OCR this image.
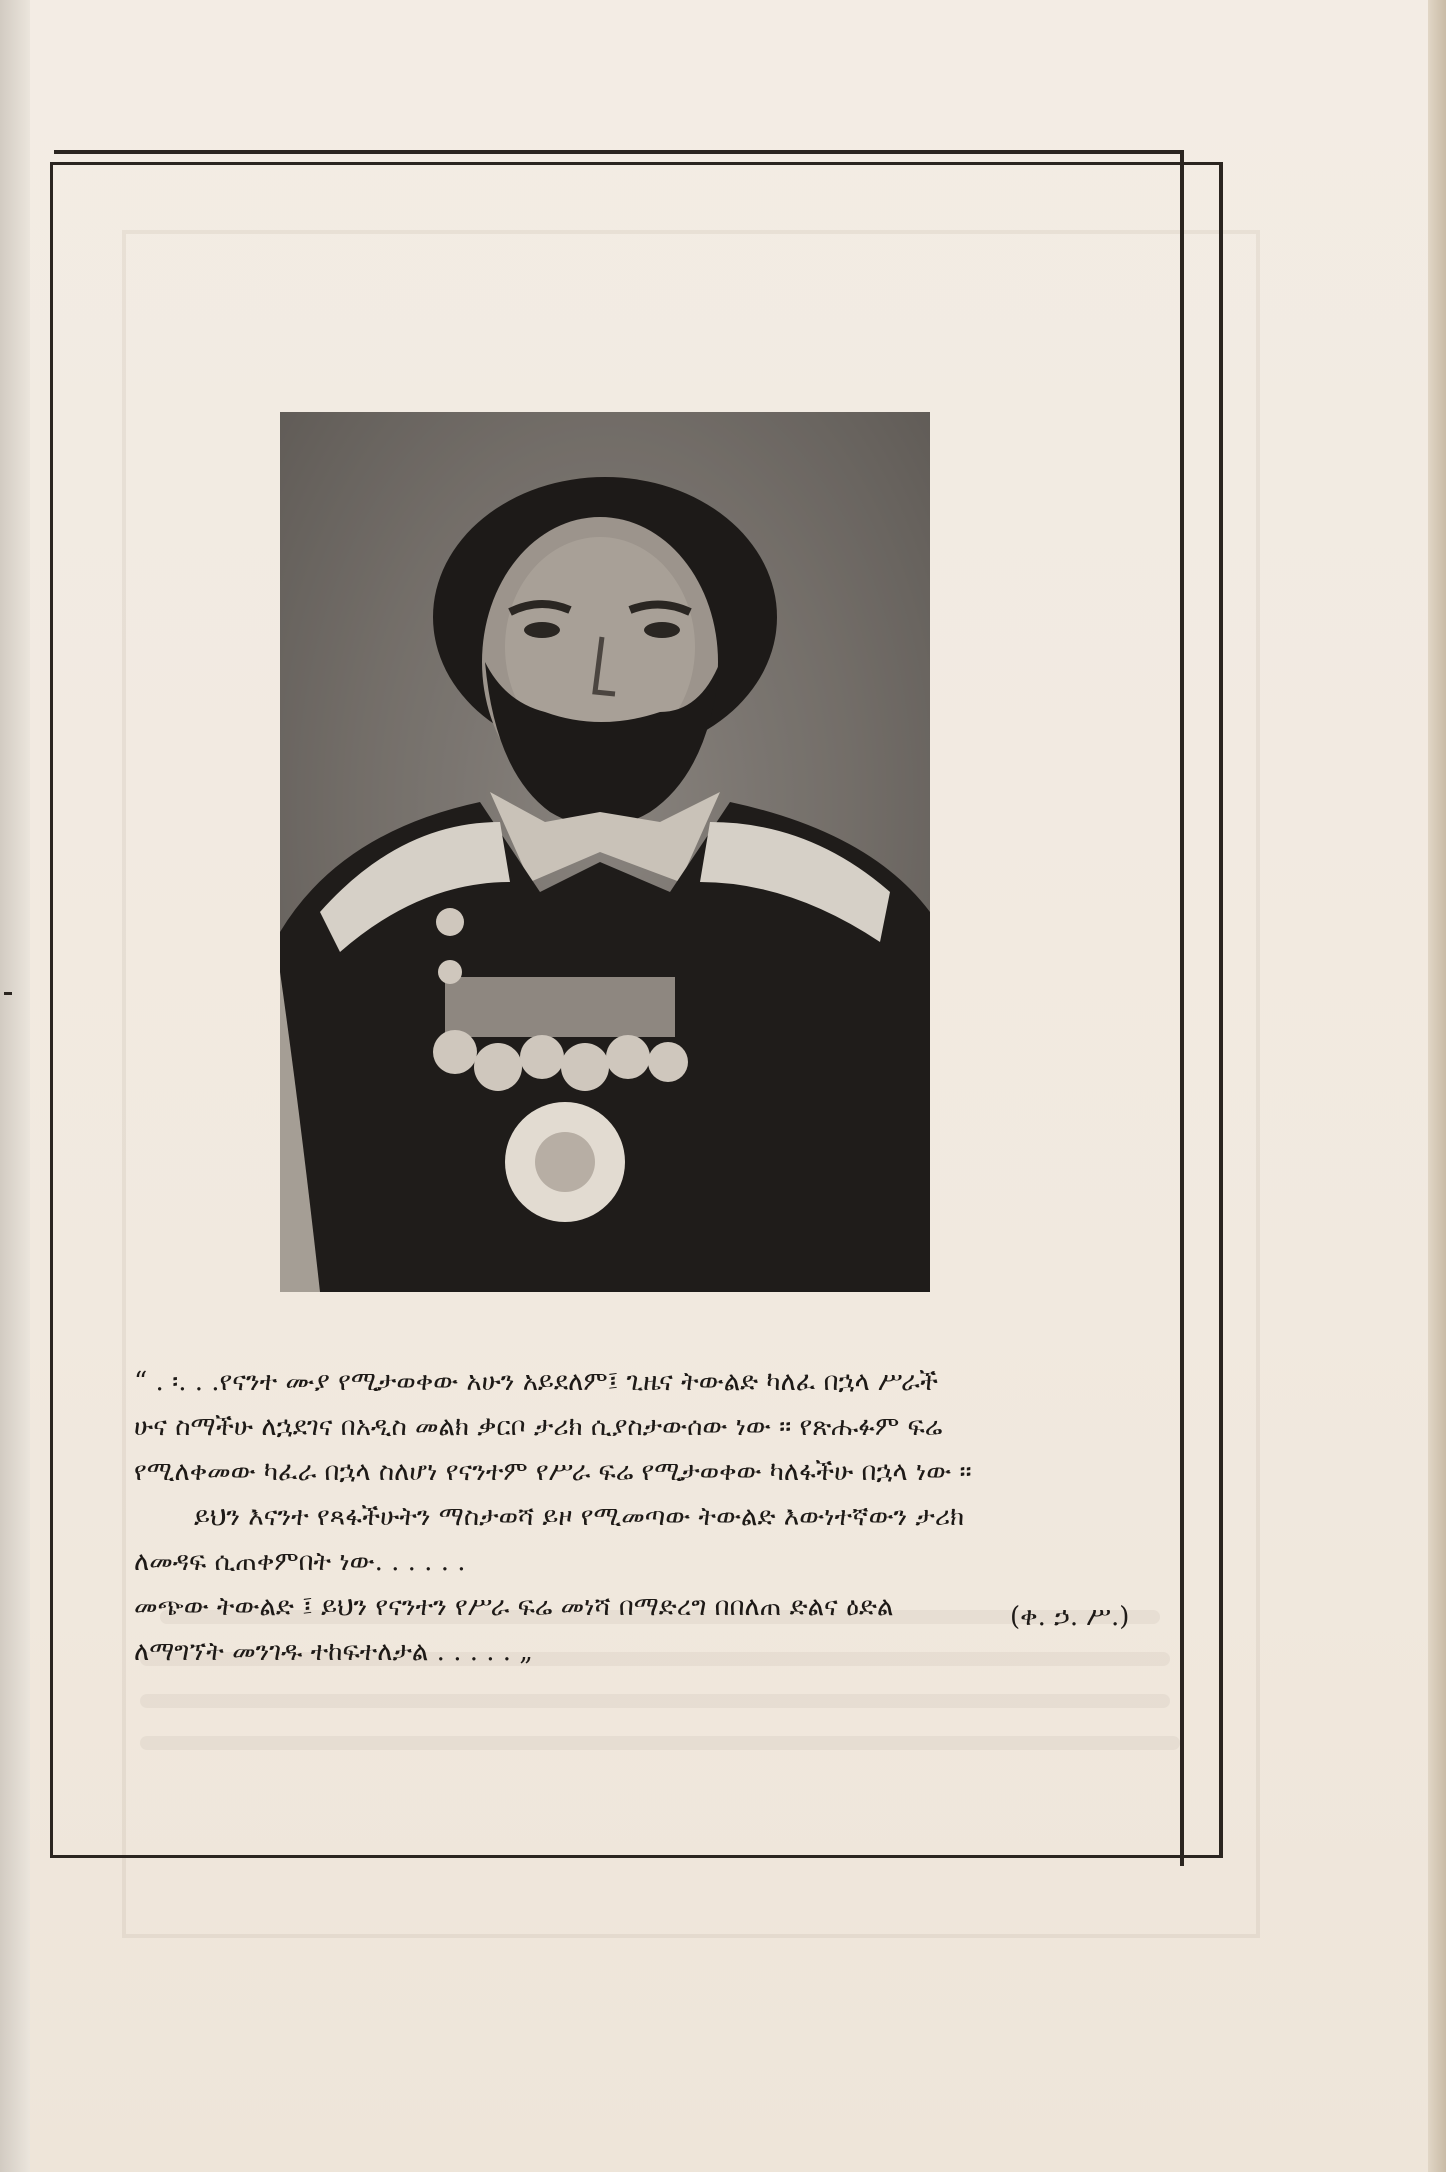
“ . ፡. . .የናንተ ሙያ የሚታወቀው አሁን አይደለም፤ ጊዜና ትውልድ ካለፈ በኋላ ሥራች
ሁና ስማችሁ ለኋደገና በአዲስ መልክ ቃርቦ ታሪክ ሲያስታውሰው ነው ። የጽሑፉም ፍሬ
የሚለቀመው ካፈራ በኋላ ስለሆነ የናንተም የሥራ ፍሬ የሚታወቀው ካለፋችሁ በኋላ ነው ።
ይህን እናንተ የጻፋችሁትን ማስታወሻ ይዞ የሚመጣው ትውልድ እውነተኛውን ታሪክ
ለመዳፍ ሲጠቀምበት ነው. . . . . .
መጭው ትውልድ ፤ ይህን የናንተን የሥራ ፍሬ መነሻ በማድረግ በበለጠ ድልና ዕድል
ለማግኘት መንገዱ ተከፍተለታል . . . . . „
(ቀ. ኃ. ሥ.)
